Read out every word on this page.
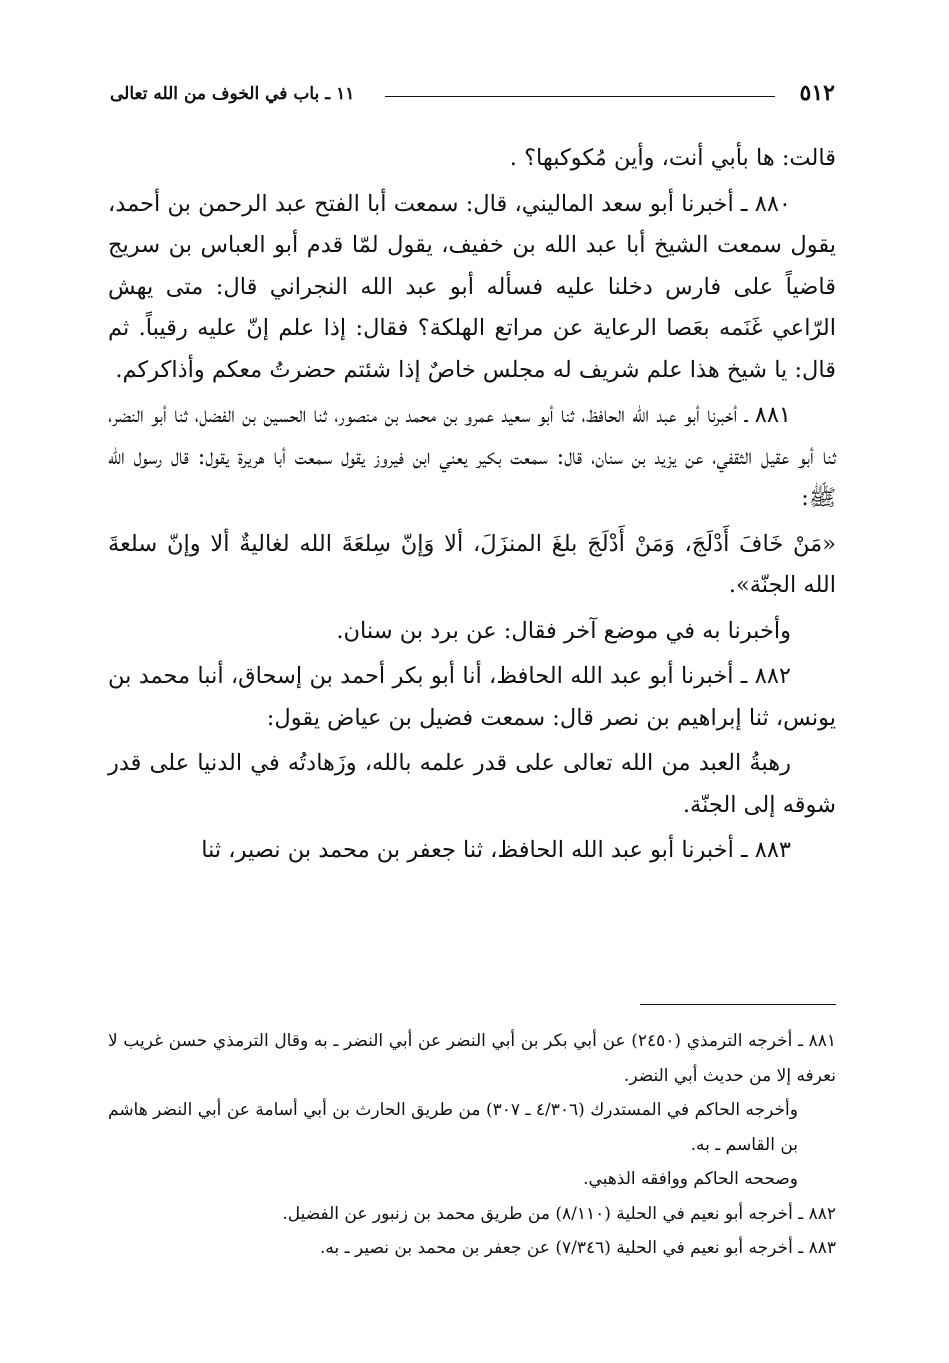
٥١٢
١١ ـ باب في الخوف من الله تعالى

قالت: ها بأبي أنت، وأين مُكوكبها؟ .

٨٨٠ ـ أخبرنا أبو سعد الماليني، قال: سمعت أبا الفتح عبد الرحمن بن أحمد، يقول سمعت الشيخ أبا عبد الله بن خفيف، يقول لمّا قدم أبو العباس بن سريج قاضياً على فارس دخلنا عليه فسأله أبو عبد الله النجراني قال: متى يهش الرّاعي غَنَمه بعَصا الرعاية عن مراتع الهلكة؟ فقال: إذا علم إنّ عليه رقيباً. ثم قال: يا شيخ هذا علم شريف له مجلس خاصٌ إذا شئتم حضرتُ معكم وأذاكركم.

٨٨١ ـ أخبرنا أبو عبد الله الحافظ، ثنا أبو سعيد عمرو بن محمد بن منصور، ثنا الحسين بن الفضل، ثنا أبو النضر، ثنا أبو عقيل الثقفي، عن يزيد بن سنان، قال: سمعت بكير يعني ابن فيروز يقول سمعت أبا هريرة يقول: قال رسول الله ﷺ:

«مَنْ خَافَ أَدْلَجَ، وَمَنْ أَدْلَجَ بلغَ المنزَلَ، ألا وَإنّ سِلعَةَ الله لغاليةٌ ألا وإنّ سلعةَ الله الجنّة».

وأخبرنا به في موضع آخر فقال: عن برد بن سنان.

٨٨٢ ـ أخبرنا أبو عبد الله الحافظ، أنا أبو بكر أحمد بن إسحاق، أنبا محمد بن يونس، ثنا إبراهيم بن نصر قال: سمعت فضيل بن عياض يقول:

رهبةُ العبد من الله تعالى على قدر علمه بالله، وزَهادتُه في الدنيا على قدر شوقه إلى الجنّة.

٨٨٣ ـ أخبرنا أبو عبد الله الحافظ، ثنا جعفر بن محمد بن نصير، ثنا

٨٨١ ـ أخرجه الترمذي (٢٤٥٠) عن أبي بكر بن أبي النضر عن أبي النضر ـ به وقال الترمذي حسن غريب لا نعرفه إلا من حديث أبي النضر.

وأخرجه الحاكم في المستدرك (٤/٣٠٦ ـ ٣٠٧) من طريق الحارث بن أبي أسامة عن أبي النضر هاشم بن القاسم ـ به.

وصححه الحاكم ووافقه الذهبي.

٨٨٢ ـ أخرجه أبو نعيم في الحلية (٨/١١٠) من طريق محمد بن زنبور عن الفضيل.

٨٨٣ ـ أخرجه أبو نعيم في الحلية (٧/٣٤٦) عن جعفر بن محمد بن نصير ـ به.
